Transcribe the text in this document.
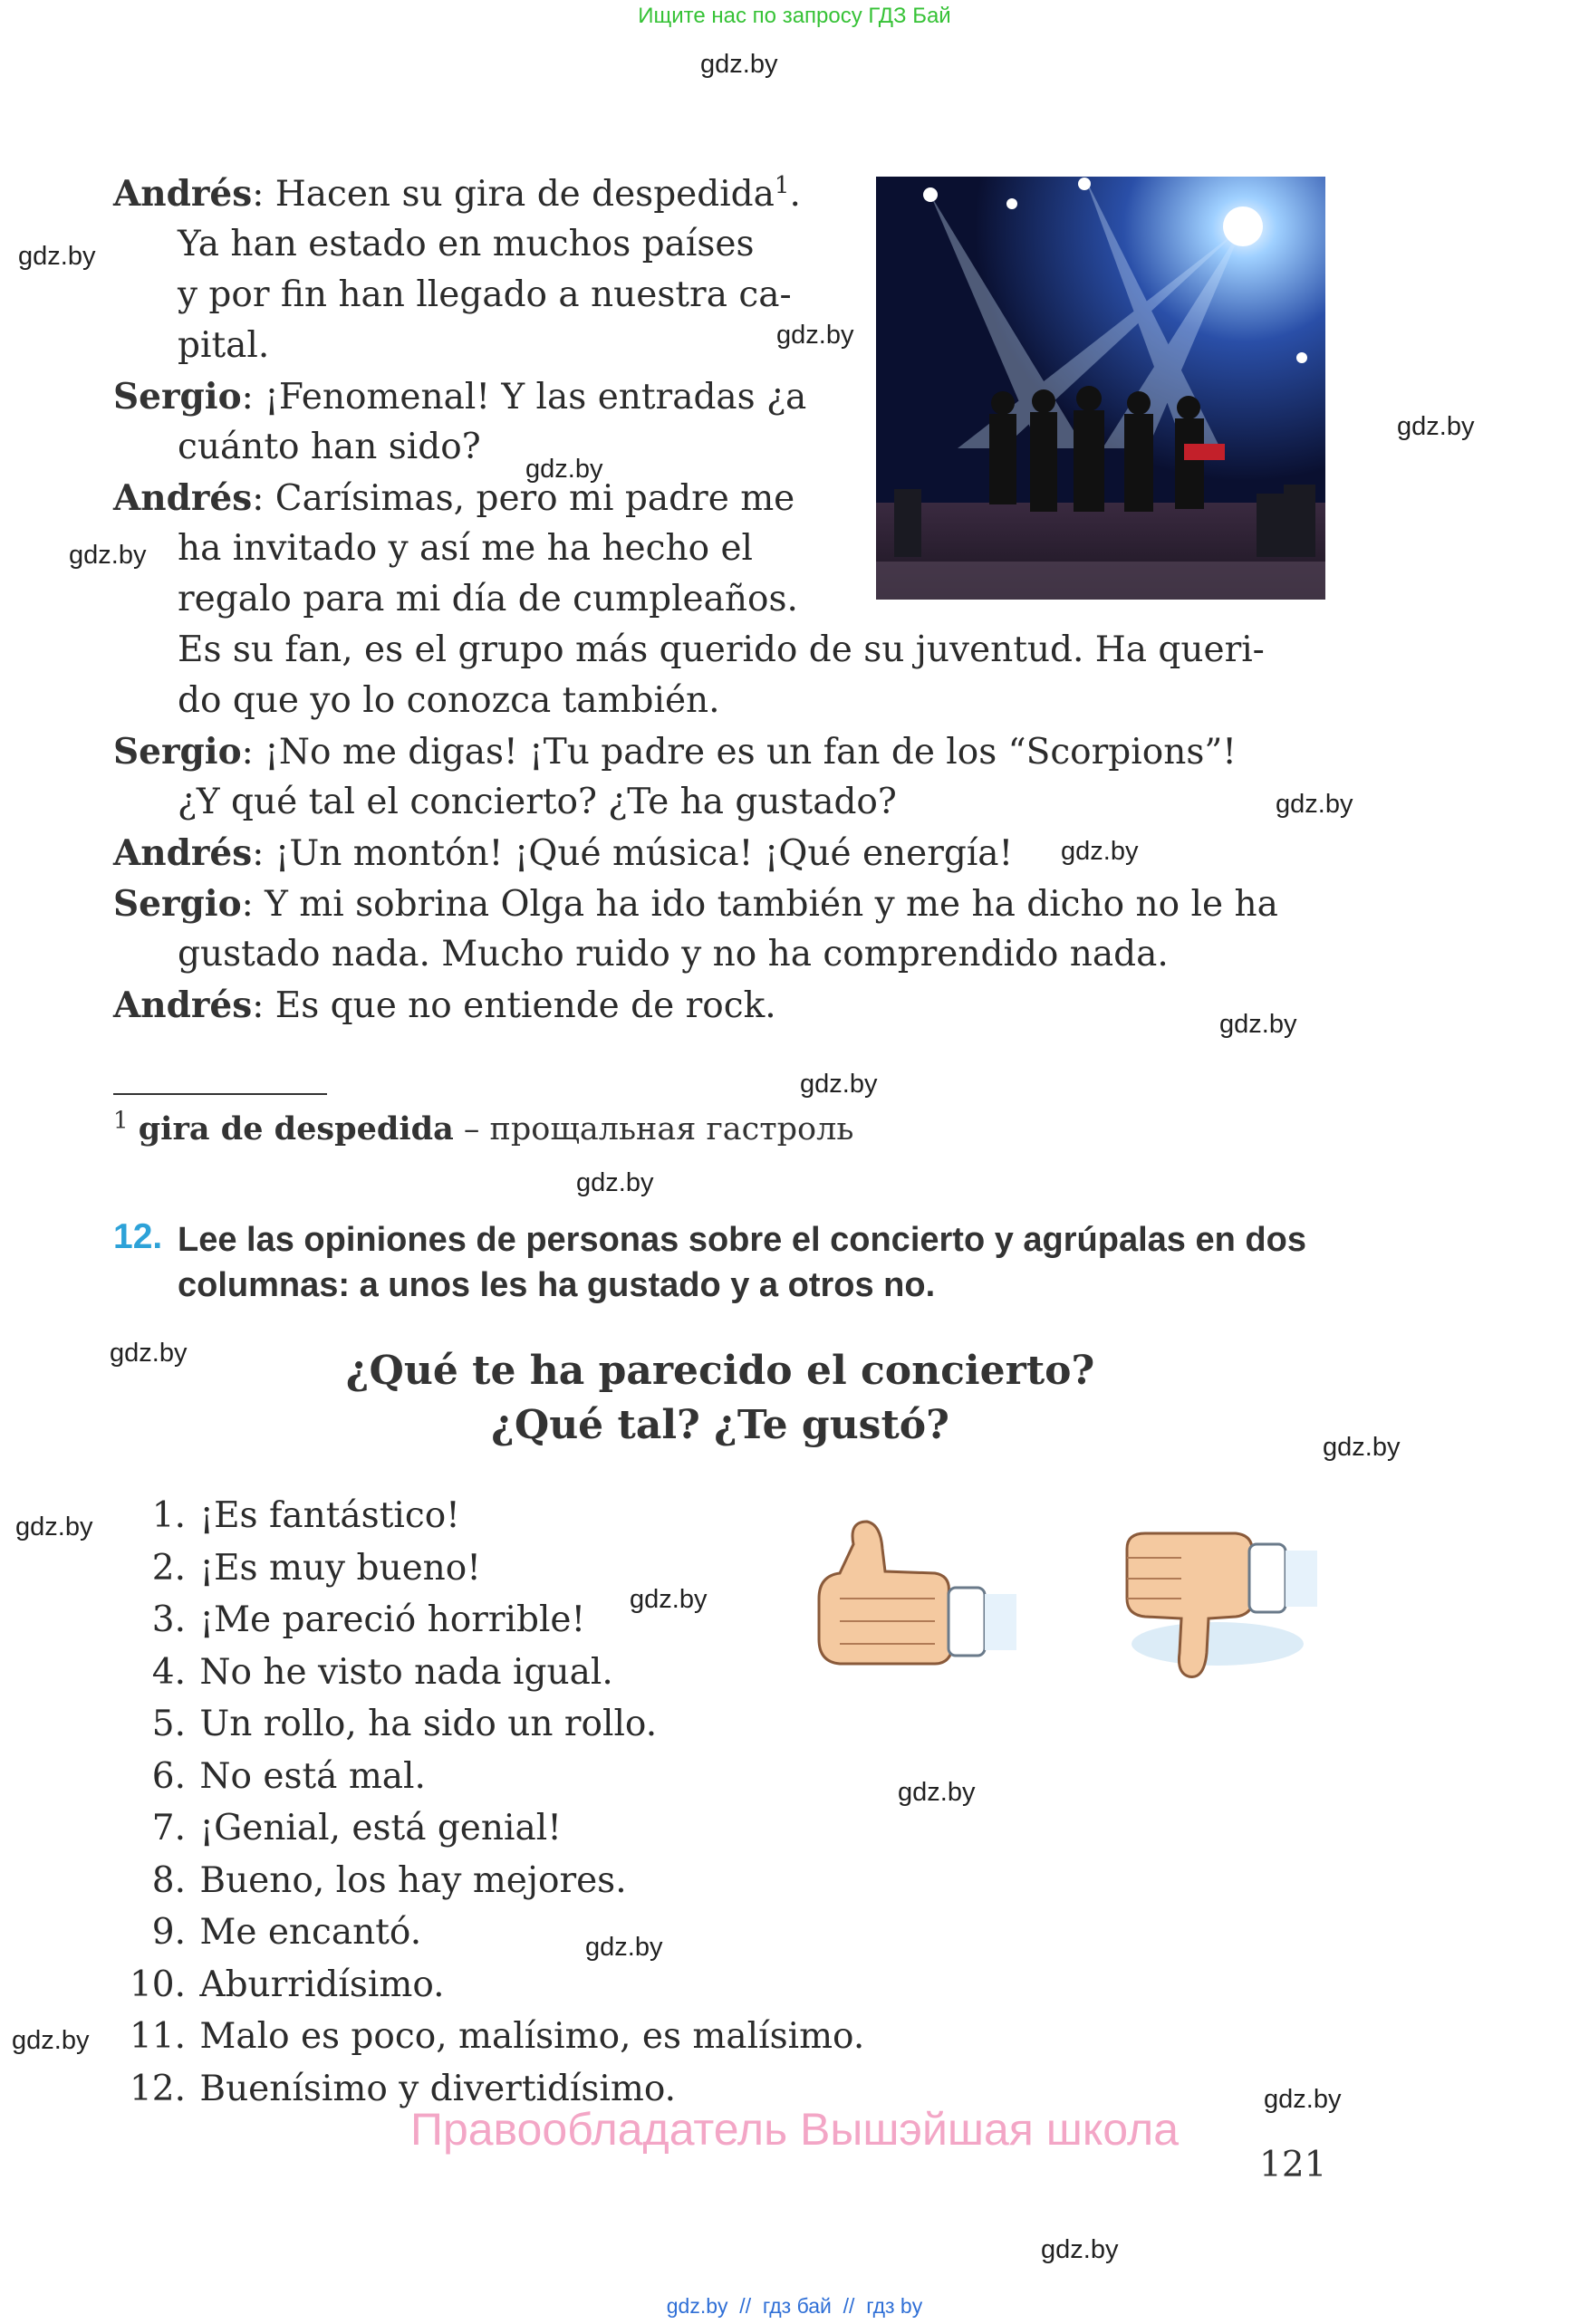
Ищите нас по запросу ГДЗ Бай
gdz.by
gdz.by
gdz.by
gdz.by
gdz.by
gdz.by
gdz.by
gdz.by
gdz.by
gdz.by
gdz.by
gdz.by
gdz.by
gdz.by
gdz.by
gdz.by
gdz.by
gdz.by
gdz.by
gdz.by
Andrés: Hacen su gira de despedida$^1$.
Ya han estado en muchos países
y por fin han llegado a nuestra ca-
pital.
Sergio: ¡Fenomenal! Y las entradas ¿a
cuánto han sido?
Andrés: Carísimas, pero mi padre me
ha invitado y así me ha hecho el
regalo para mi día de cumpleaños.
Es su fan, es el grupo más querido de su juventud. Ha queri-
do que yo lo conozca también.
Sergio: ¡No me digas! ¡Tu padre es un fan de los “Scorpions”!
¿Y qué tal el concierto? ¿Te ha gustado?
Andrés: ¡Un montón! ¡Qué música! ¡Qué energía!
Sergio: Y mi sobrina Olga ha ido también y me ha dicho no le ha
gustado nada. Mucho ruido y no ha comprendido nada.
Andrés: Es que no entiende de rock.
$^1$ gira de despedida – прощальная гастроль
12. Lee las opiniones de personas sobre el concierto y agrúpalas en dos columnas: a unos les ha gustado y a otros no.
¿Qué te ha parecido el concierto?
¿Qué tal? ¿Te gustó?
1.
¡Es fantástico!
2.
¡Es muy bueno!
3.
¡Me pareció horrible!
4.
No he visto nada igual.
5.
Un rollo, ha sido un rollo.
6.
No está mal.
7.
¡Genial, está genial!
8.
Bueno, los hay mejores.
9.
Me encantó.
10.
Aburridísimo.
11.
Malo es poco, malísimo, es malísimo.
12.
Buenísimo y divertidísimo.
Правообладатель Вышэйшая школа
121
gdz.by  //  гдз бай  //  гдз by
